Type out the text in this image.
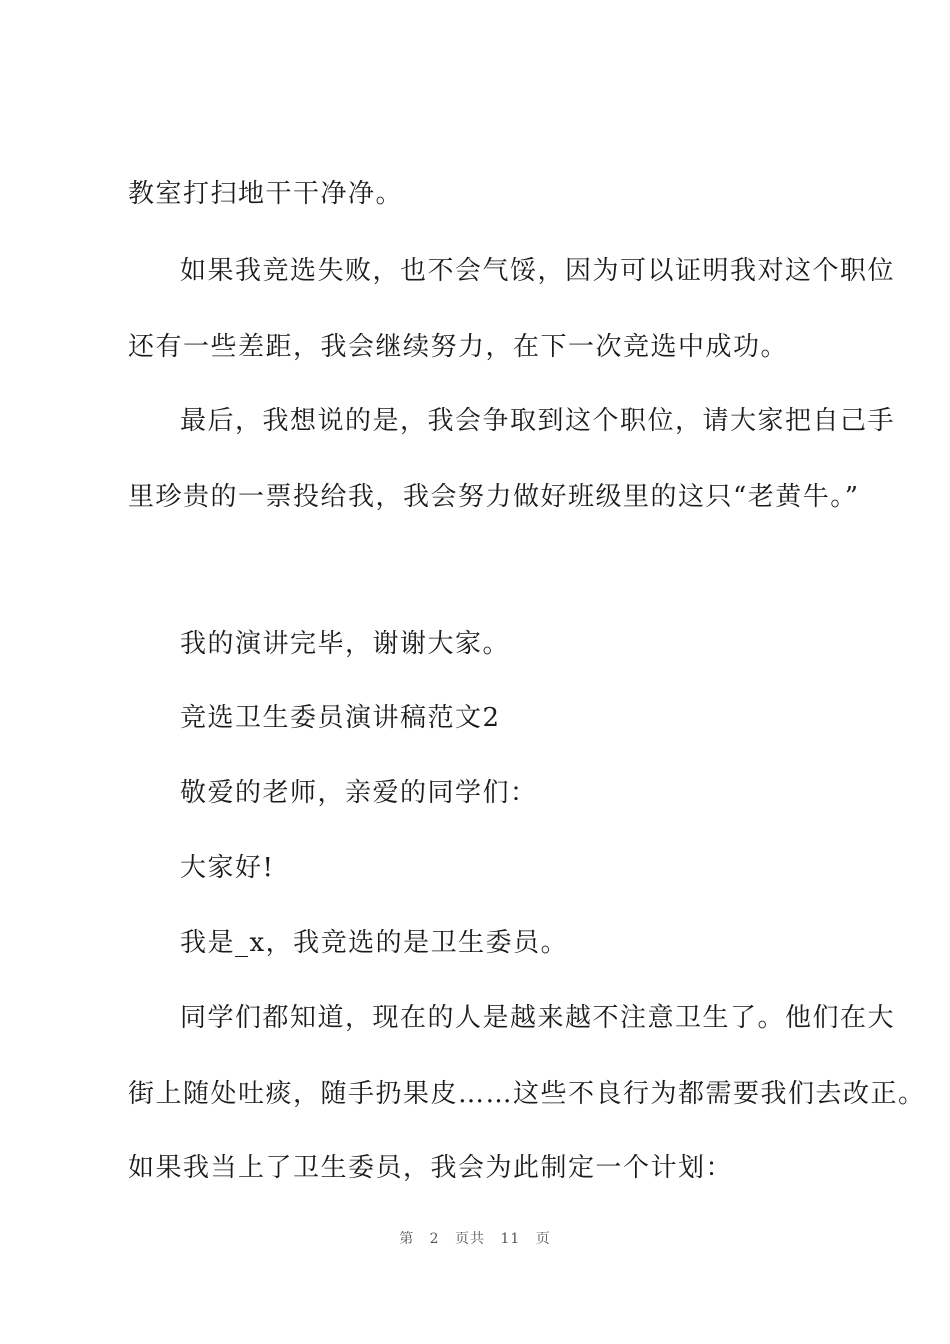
教室打扫地干干净净。
如果我竞选失败，也不会气馁，因为可以证明我对这个职位
还有一些差距，我会继续努力，在下一次竞选中成功。
最后，我想说的是，我会争取到这个职位，请大家把自己手
里珍贵的一票投给我，我会努力做好班级里的这只“老黄牛。”
我的演讲完毕，谢谢大家。
竞选卫生委员演讲稿范文2
敬爱的老师，亲爱的同学们：
大家好!
我是_x，我竞选的是卫生委员。
同学们都知道，现在的人是越来越不注意卫生了。他们在大
街上随处吐痰，随手扔果皮……这些不良行为都需要我们去改正。
如果我当上了卫生委员，我会为此制定一个计划：
第 2 页共 11 页
